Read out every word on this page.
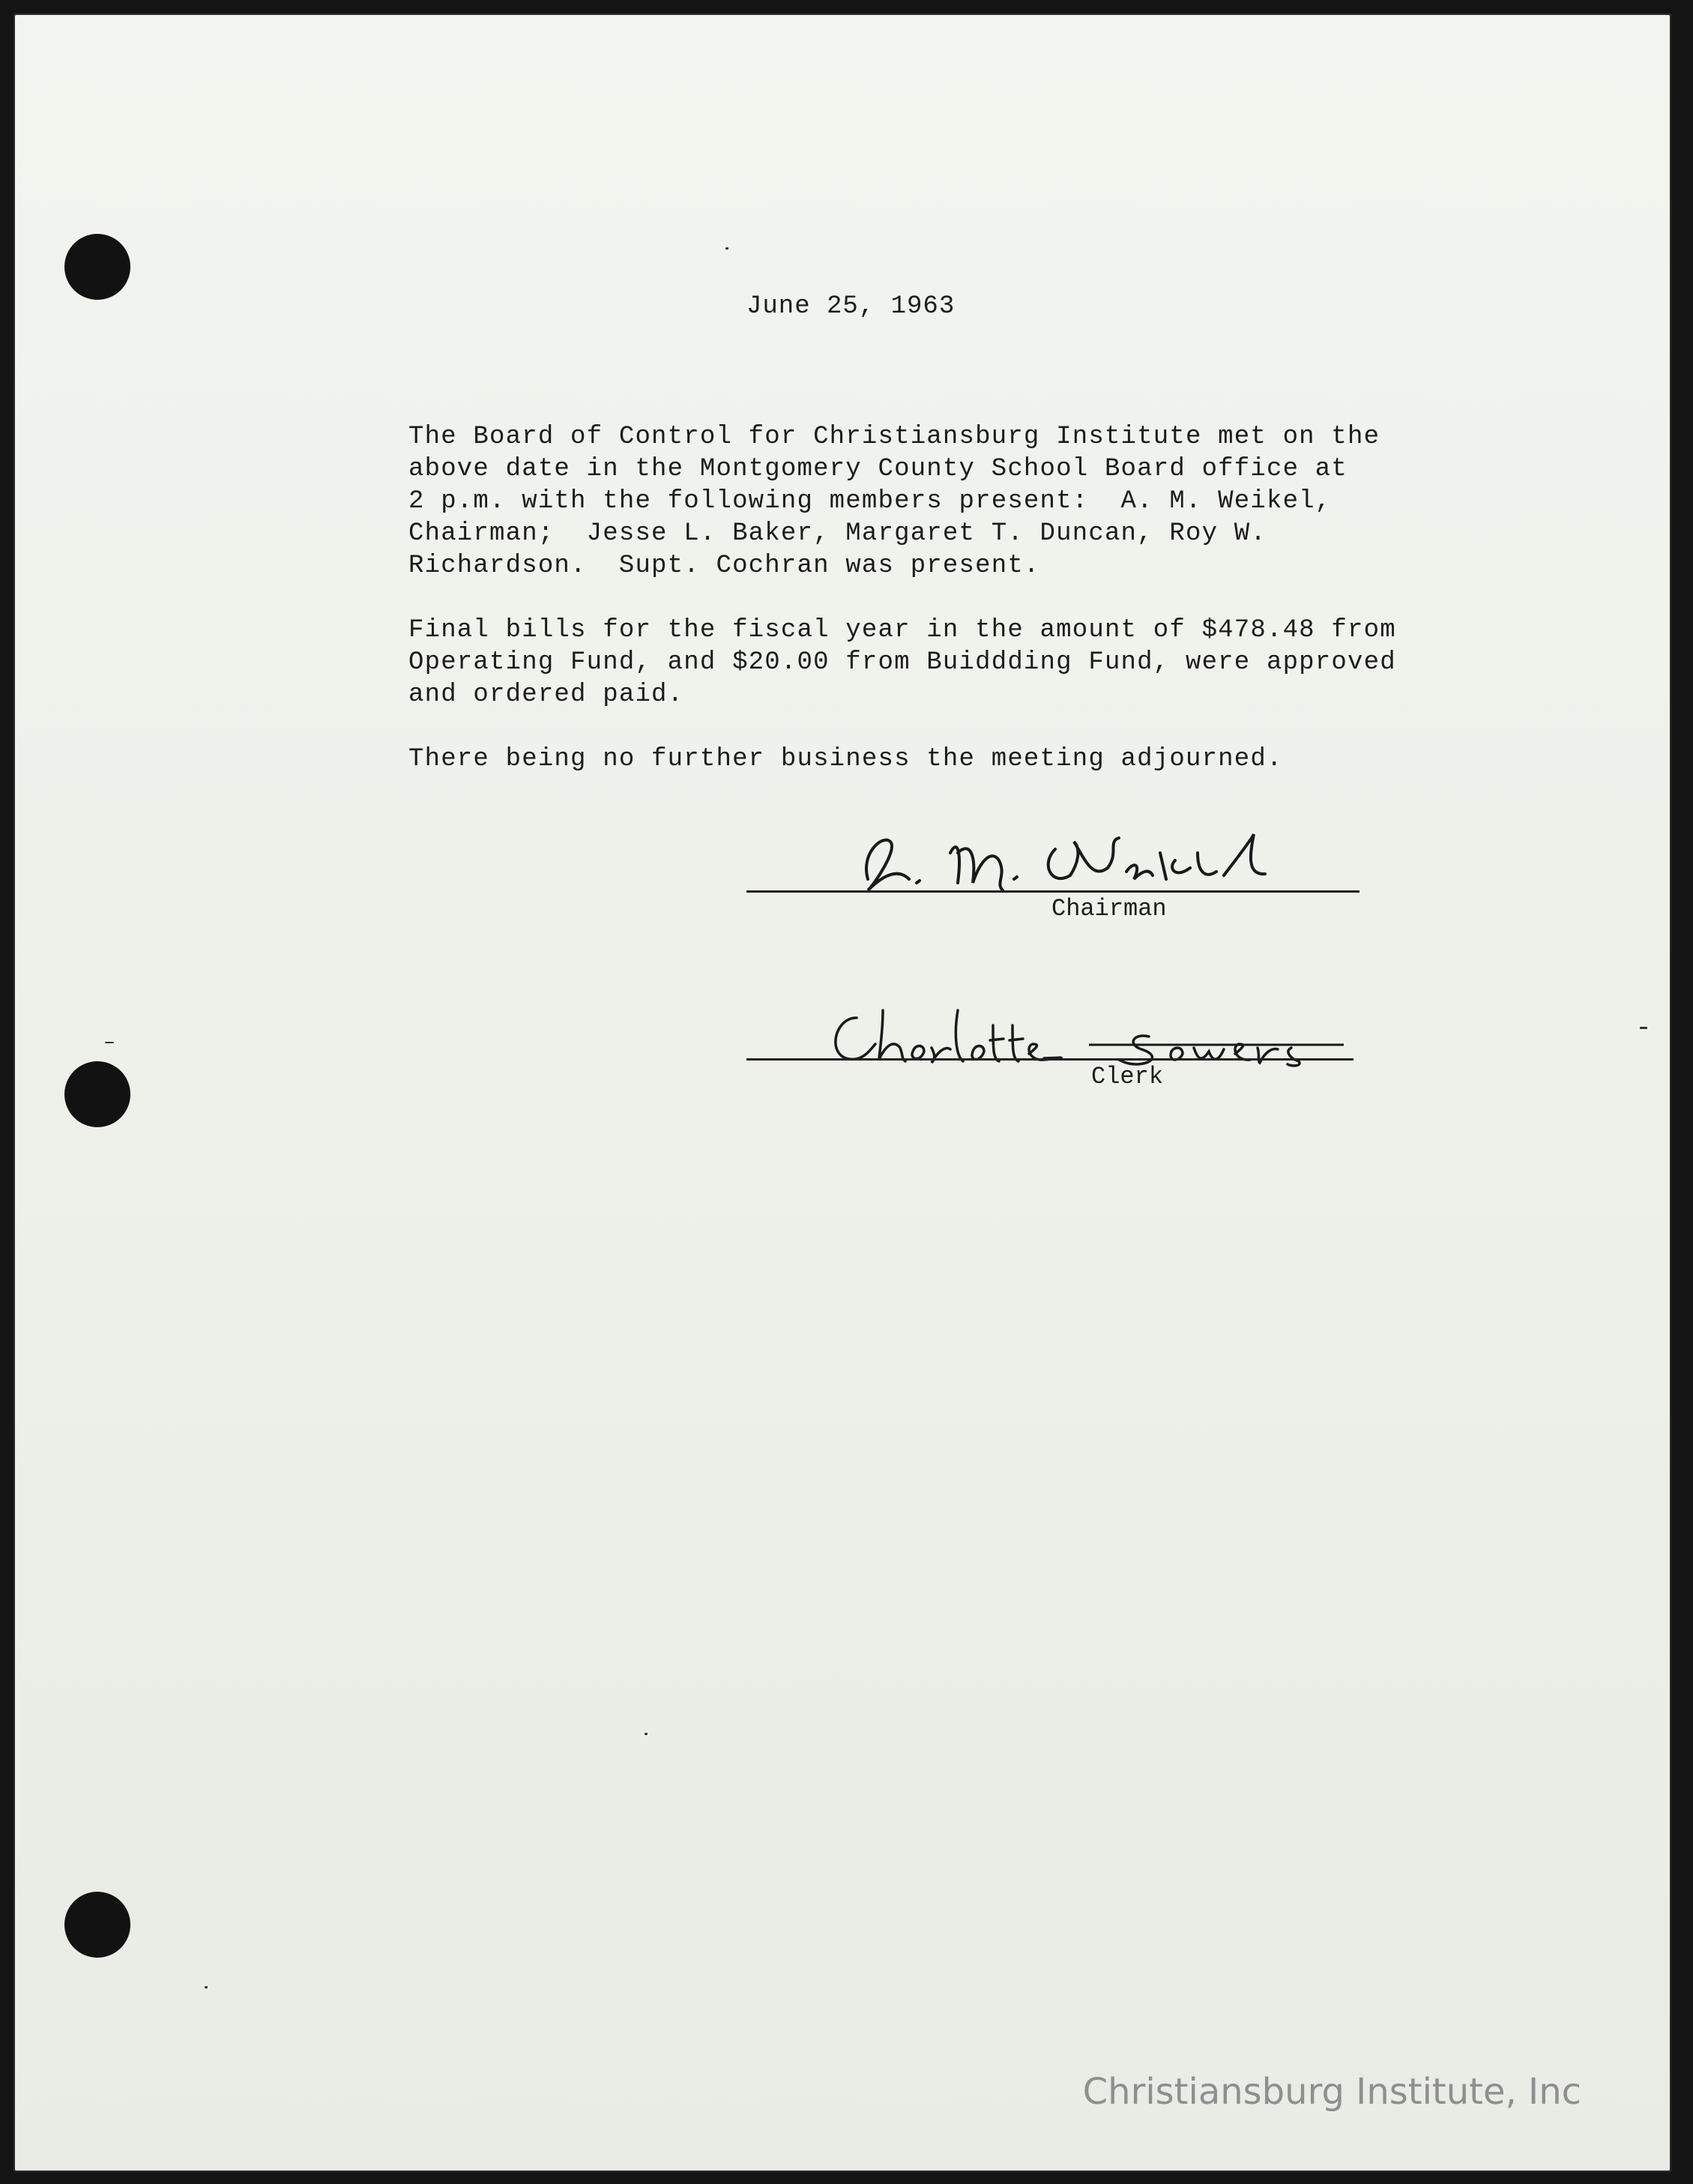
June 25, 1963

The Board of Control for Christiansburg Institute met on the
above date in the Montgomery County School Board office at
2 p.m. with the following members present:  A. M. Weikel,
Chairman;  Jesse L. Baker, Margaret T. Duncan, Roy W.
Richardson.  Supt. Cochran was present.

Final bills for the fiscal year in the amount of $478.48 from
Operating Fund, and $20.00 from Buiddding Fund, were approved
and ordered paid.

There being no further business the meeting adjourned.

Chairman
Clerk
Christiansburg Institute, Inc
